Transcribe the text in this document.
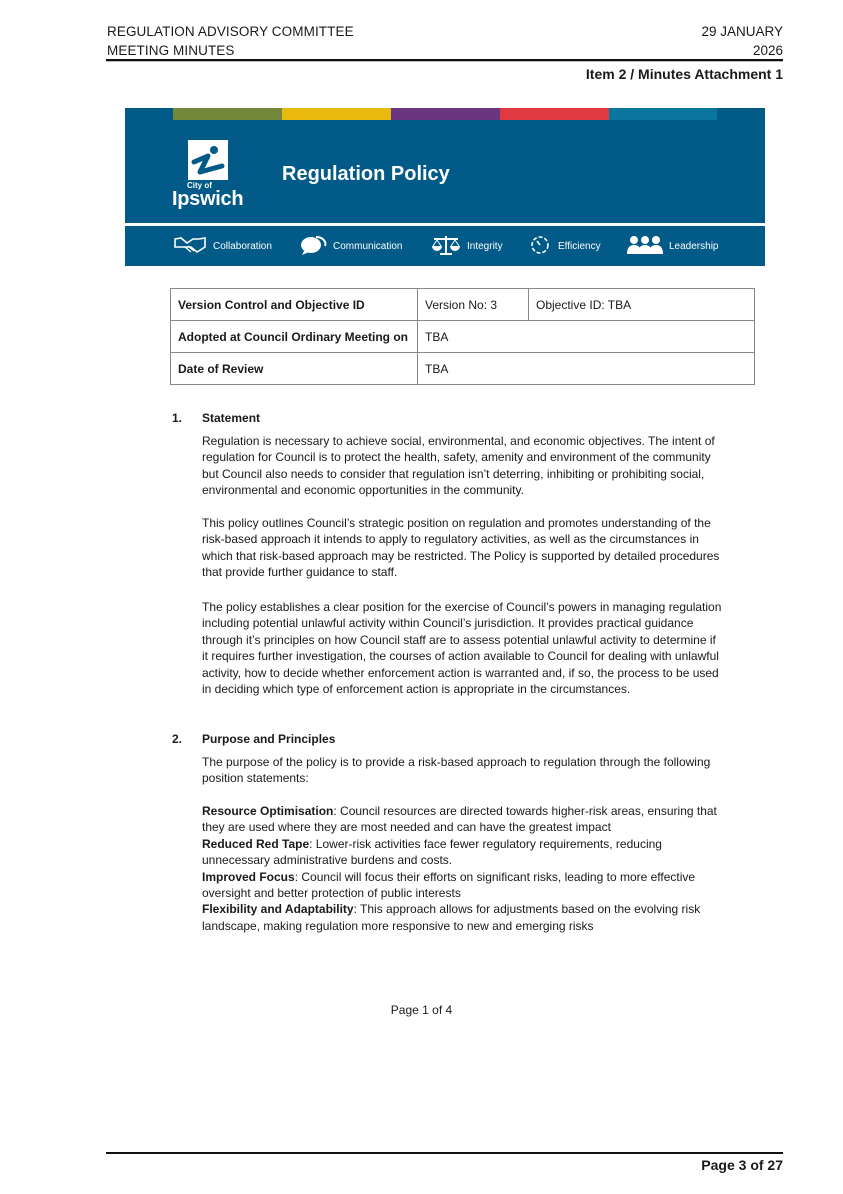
REGULATION ADVISORY COMMITTEE
MEETING MINUTES
29 JANUARY
2026
Item 2 / Minutes Attachment 1
City of
Ipswich
Regulation Policy
Collaboration	Communication	Integrity	Efficiency	Leadership
Version Control and Objective ID	Version No: 3	Objective ID: TBA
Adopted at Council Ordinary Meeting on	TBA	
Date of Review	TBA	
1. Statement
Regulation is necessary to achieve social, environmental, and economic objectives. The intent of regulation for Council is to protect the health, safety, amenity and environment of the community but Council also needs to consider that regulation isn’t deterring, inhibiting or prohibiting social, environmental and economic opportunities in the community.
This policy outlines Council’s strategic position on regulation and promotes understanding of the risk-based approach it intends to apply to regulatory activities, as well as the circumstances in which that risk-based approach may be restricted. The Policy is supported by detailed procedures that provide further guidance to staff.
The policy establishes a clear position for the exercise of Council’s powers in managing regulation including potential unlawful activity within Council’s jurisdiction. It provides practical guidance through it’s principles on how Council staff are to assess potential unlawful activity to determine if it requires further investigation, the courses of action available to Council for dealing with unlawful activity, how to decide whether enforcement action is warranted and, if so, the process to be used in deciding which type of enforcement action is appropriate in the circumstances.
2. Purpose and Principles
The purpose of the policy is to provide a risk-based approach to regulation through the following position statements:
Resource Optimisation: Council resources are directed towards higher-risk areas, ensuring that they are used where they are most needed and can have the greatest impact
Reduced Red Tape: Lower-risk activities face fewer regulatory requirements, reducing unnecessary administrative burdens and costs.
Improved Focus: Council will focus their efforts on significant risks, leading to more effective oversight and better protection of public interests
Flexibility and Adaptability: This approach allows for adjustments based on the evolving risk landscape, making regulation more responsive to new and emerging risks
Page 1 of 4
Page 3 of 27
